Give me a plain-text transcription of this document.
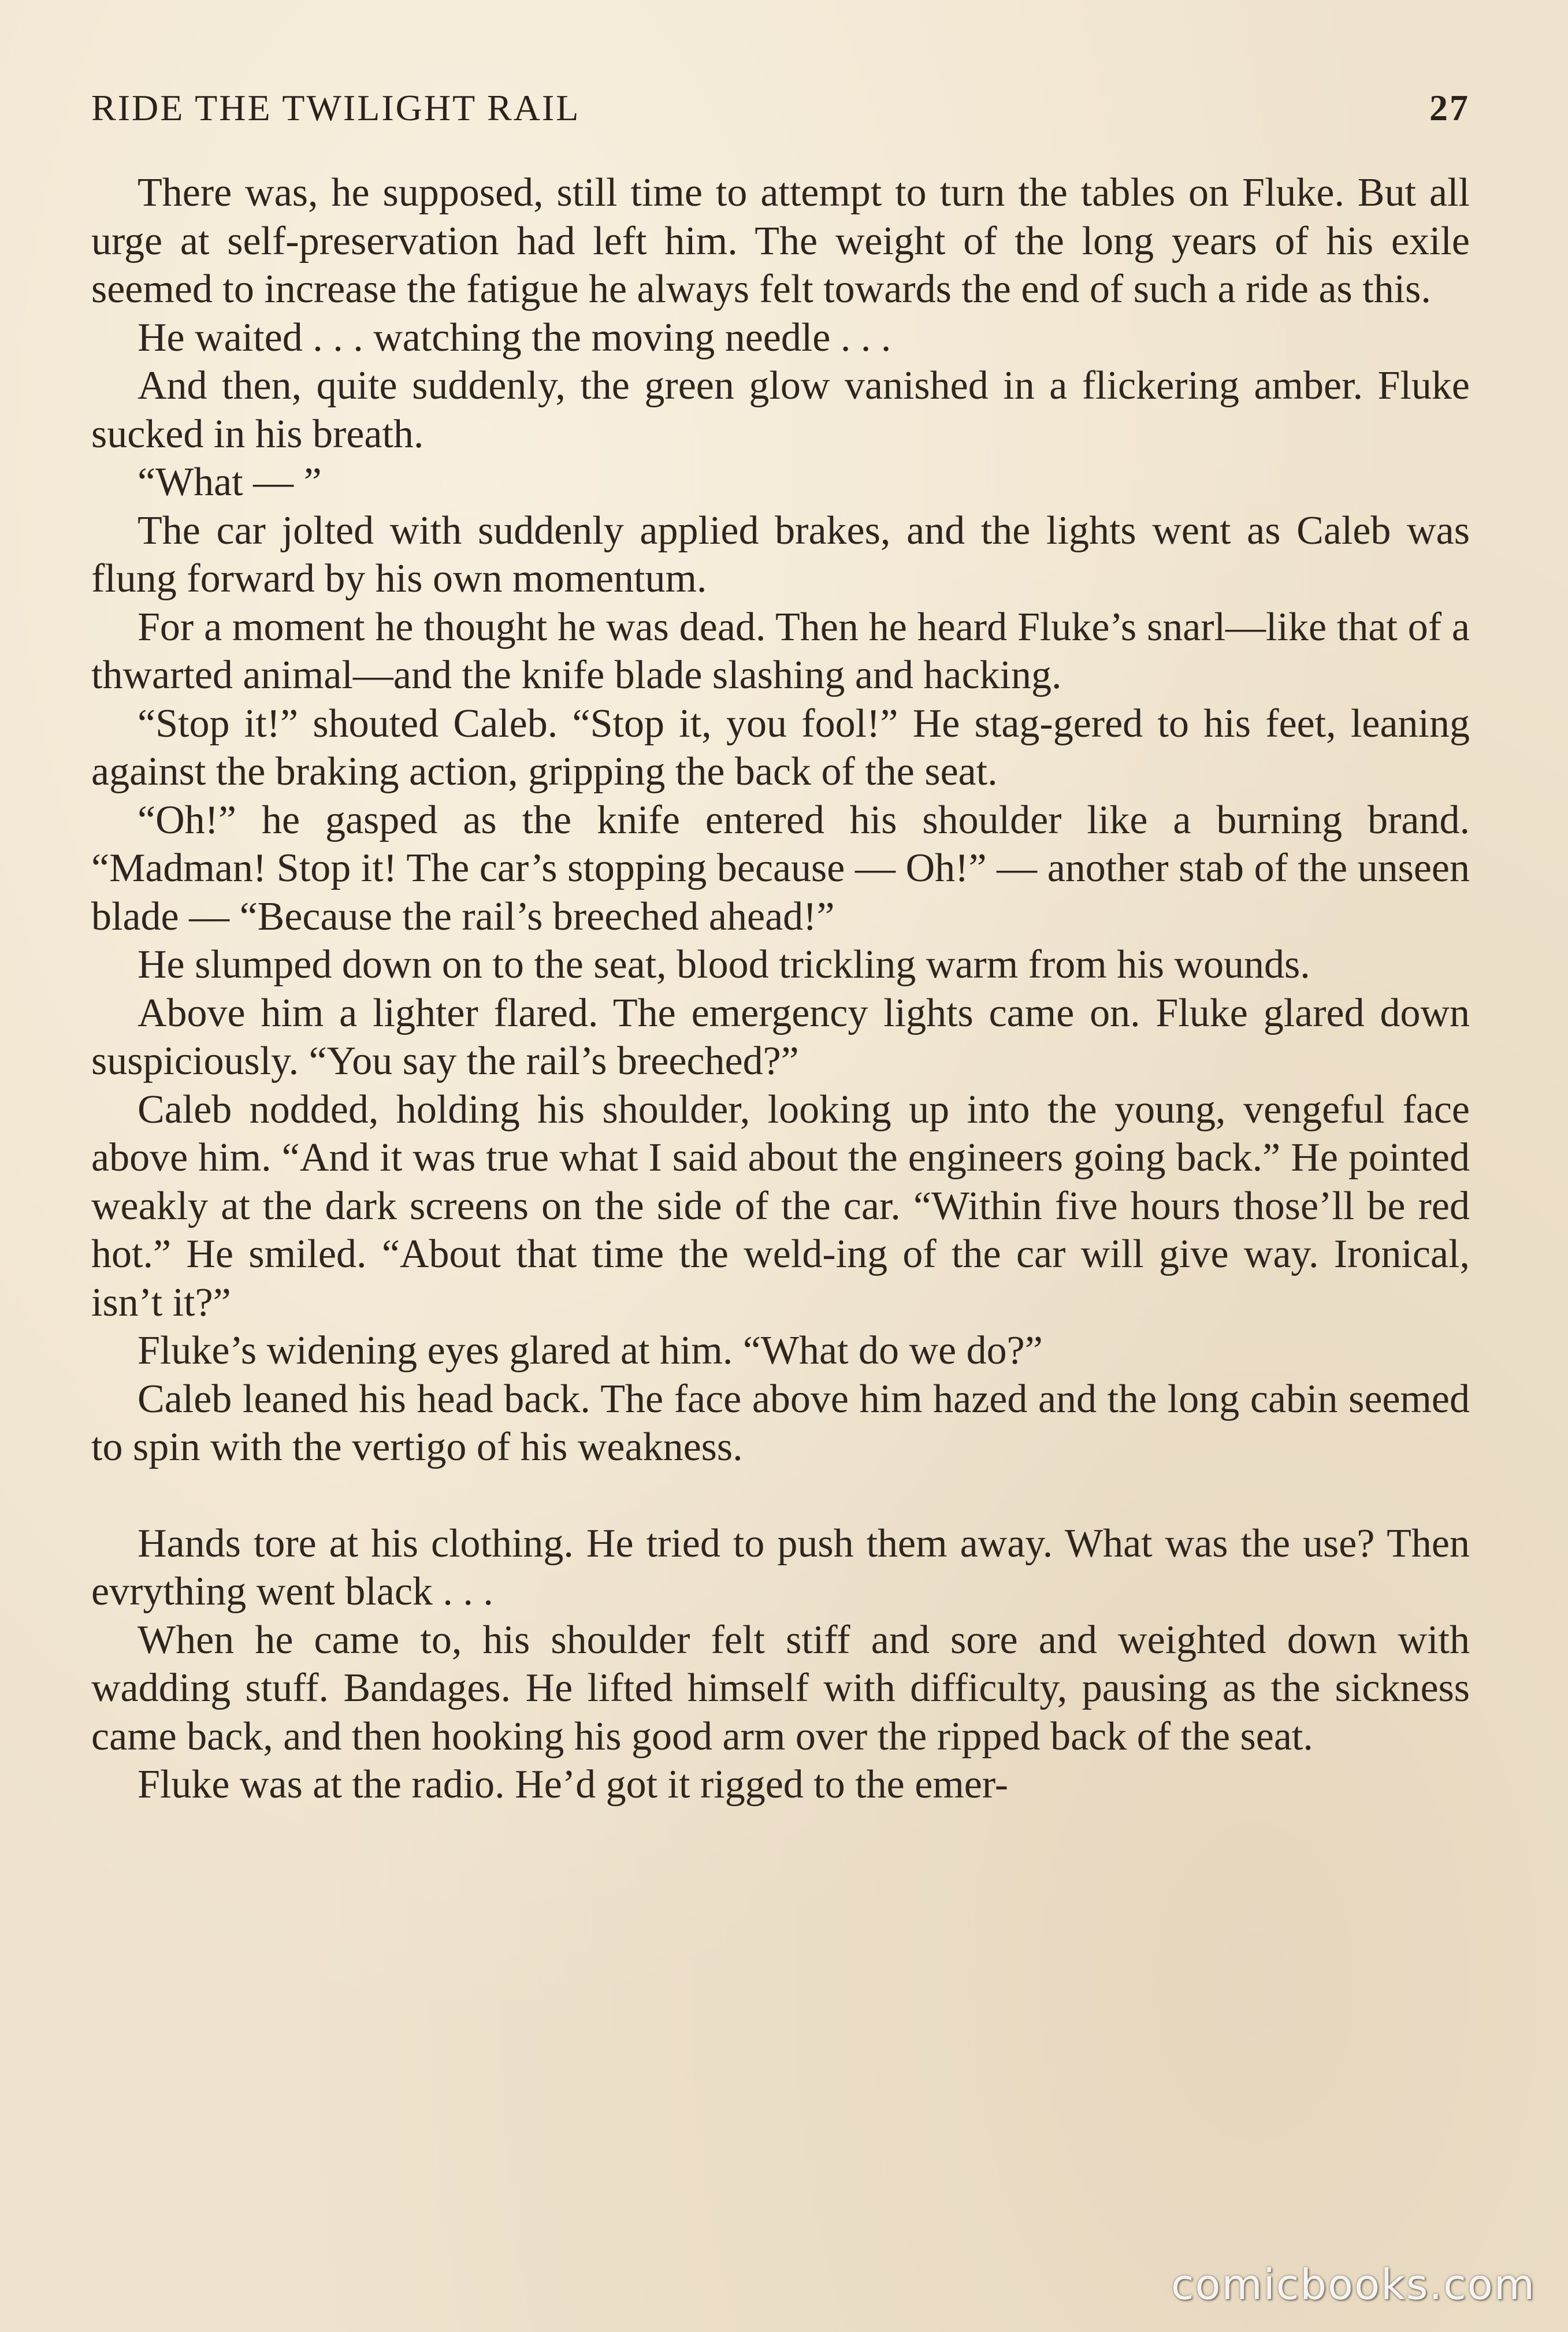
RIDE THE TWILIGHT RAIL	27

There was, he supposed, still time to attempt to turn the tables on Fluke. But all urge at self-preservation had left him. The weight of the long years of his exile seemed to increase the fatigue he always felt towards the end of such a ride as this.

He waited . . . watching the moving needle . . .

And then, quite suddenly, the green glow vanished in a flickering amber. Fluke sucked in his breath.

“What — ”

The car jolted with suddenly applied brakes, and the lights went as Caleb was flung forward by his own momentum.

For a moment he thought he was dead. Then he heard Fluke’s snarl—like that of a thwarted animal—and the knife blade slashing and hacking.

“Stop it!” shouted Caleb. “Stop it, you fool!” He stag-gered to his feet, leaning against the braking action, gripping the back of the seat.

“Oh!” he gasped as the knife entered his shoulder like a burning brand. “Madman! Stop it! The car’s stopping because — Oh!” — another stab of the unseen blade — “Because the rail’s breeched ahead!”

He slumped down on to the seat, blood trickling warm from his wounds.

Above him a lighter flared. The emergency lights came on. Fluke glared down suspiciously. “You say the rail’s breeched?”

Caleb nodded, holding his shoulder, looking up into the young, vengeful face above him. “And it was true what I said about the engineers going back.” He pointed weakly at the dark screens on the side of the car. “Within five hours those’ll be red hot.” He smiled. “About that time the weld-ing of the car will give way. Ironical, isn’t it?”

Fluke’s widening eyes glared at him. “What do we do?”

Caleb leaned his head back. The face above him hazed and the long cabin seemed to spin with the vertigo of his weakness.

Hands tore at his clothing. He tried to push them away. What was the use? Then evrything went black . . .

When he came to, his shoulder felt stiff and sore and weighted down with wadding stuff. Bandages. He lifted himself with difficulty, pausing as the sickness came back, and then hooking his good arm over the ripped back of the seat.

Fluke was at the radio. He’d got it rigged to the emer-

comicbooks.com
